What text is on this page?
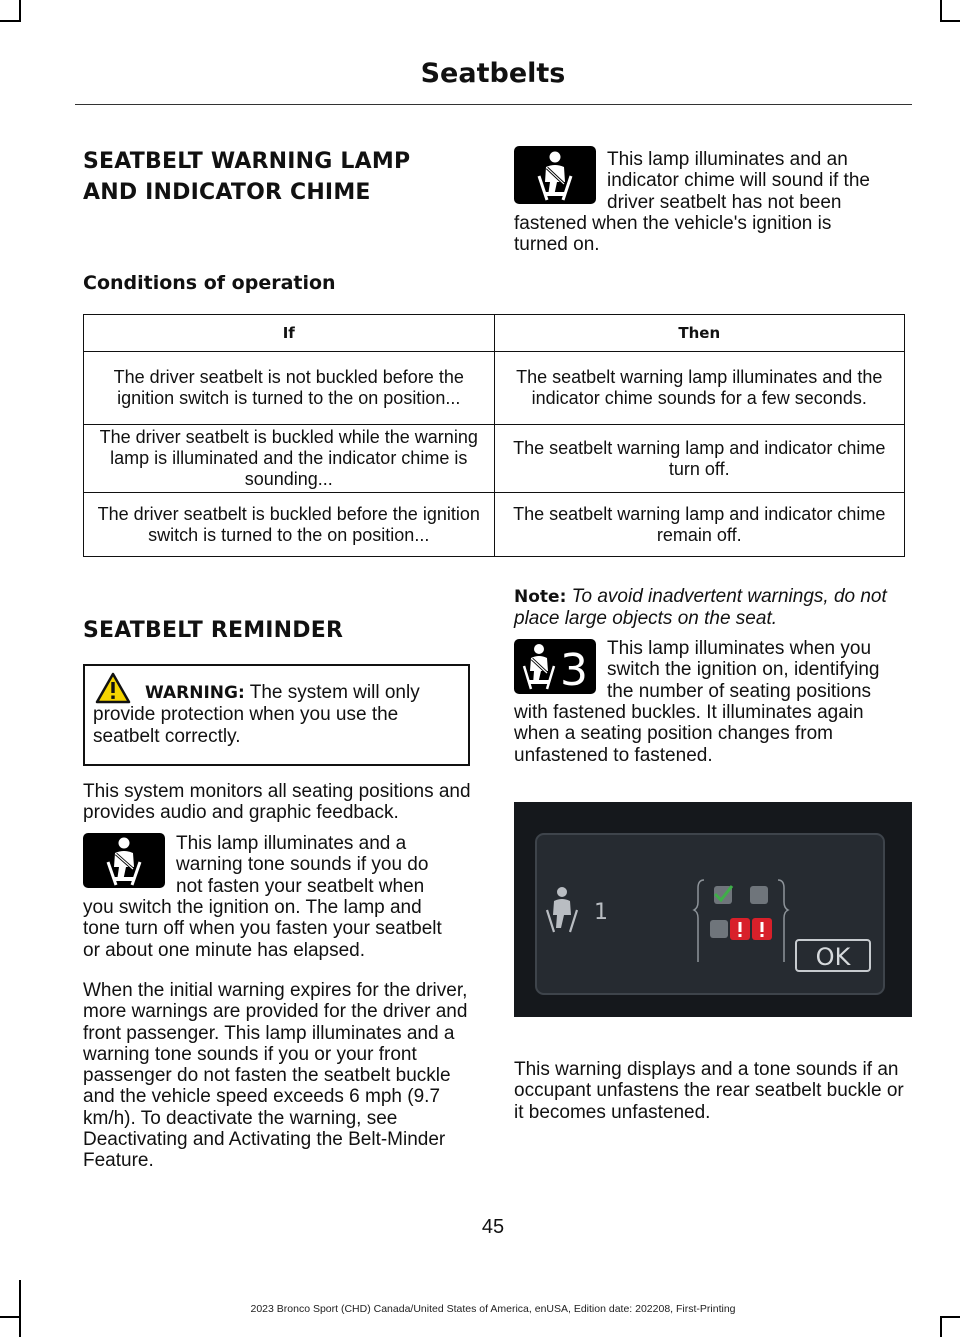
Seatbelts
SEATBELT WARNING LAMP
AND INDICATOR CHIME
This lamp illuminates and an
indicator chime will sound if the
driver seatbelt has not been
fastened when the vehicle's ignition is
turned on.
Conditions of operation
If	Then
The driver seatbelt is not buckled before the ignition switch is turned to the on position...	The seatbelt warning lamp illuminates and the indicator chime sounds for a few seconds.
The driver seatbelt is buckled while the warning lamp is illuminated and the indicator chime is sounding...	The seatbelt warning lamp and indicator chime turn off.
The driver seatbelt is buckled before the ignition switch is turned to the on position...	The seatbelt warning lamp and indicator chime remain off.
SEATBELT REMINDER
WARNING: The system will only provide protection when you use the seatbelt correctly.
This system monitors all seating positions and provides audio and graphic feedback.
This lamp illuminates and a
warning tone sounds if you do
not fasten your seatbelt when
you switch the ignition on. The lamp and
tone turn off when you fasten your seatbelt
or about one minute has elapsed.
When the initial warning expires for the driver, more warnings are provided for the driver and front passenger. This lamp illuminates and a warning tone sounds if you or your front passenger do not fasten the seatbelt buckle and the vehicle speed exceeds 6 mph (9.7 km/h). To deactivate the warning, see Deactivating and Activating the Belt-Minder Feature.
Note: To avoid inadvertent warnings, do not place large objects on the seat.
3 This lamp illuminates when you
switch the ignition on, identifying
the number of seating positions
with fastened buckles. It illuminates again
when a seating position changes from
unfastened to fastened.
1
OK
This warning displays and a tone sounds if an occupant unfastens the rear seatbelt buckle or it becomes unfastened.
45
2023 Bronco Sport (CHD) Canada/United States of America, enUSA, Edition date: 202208, First-Printing
